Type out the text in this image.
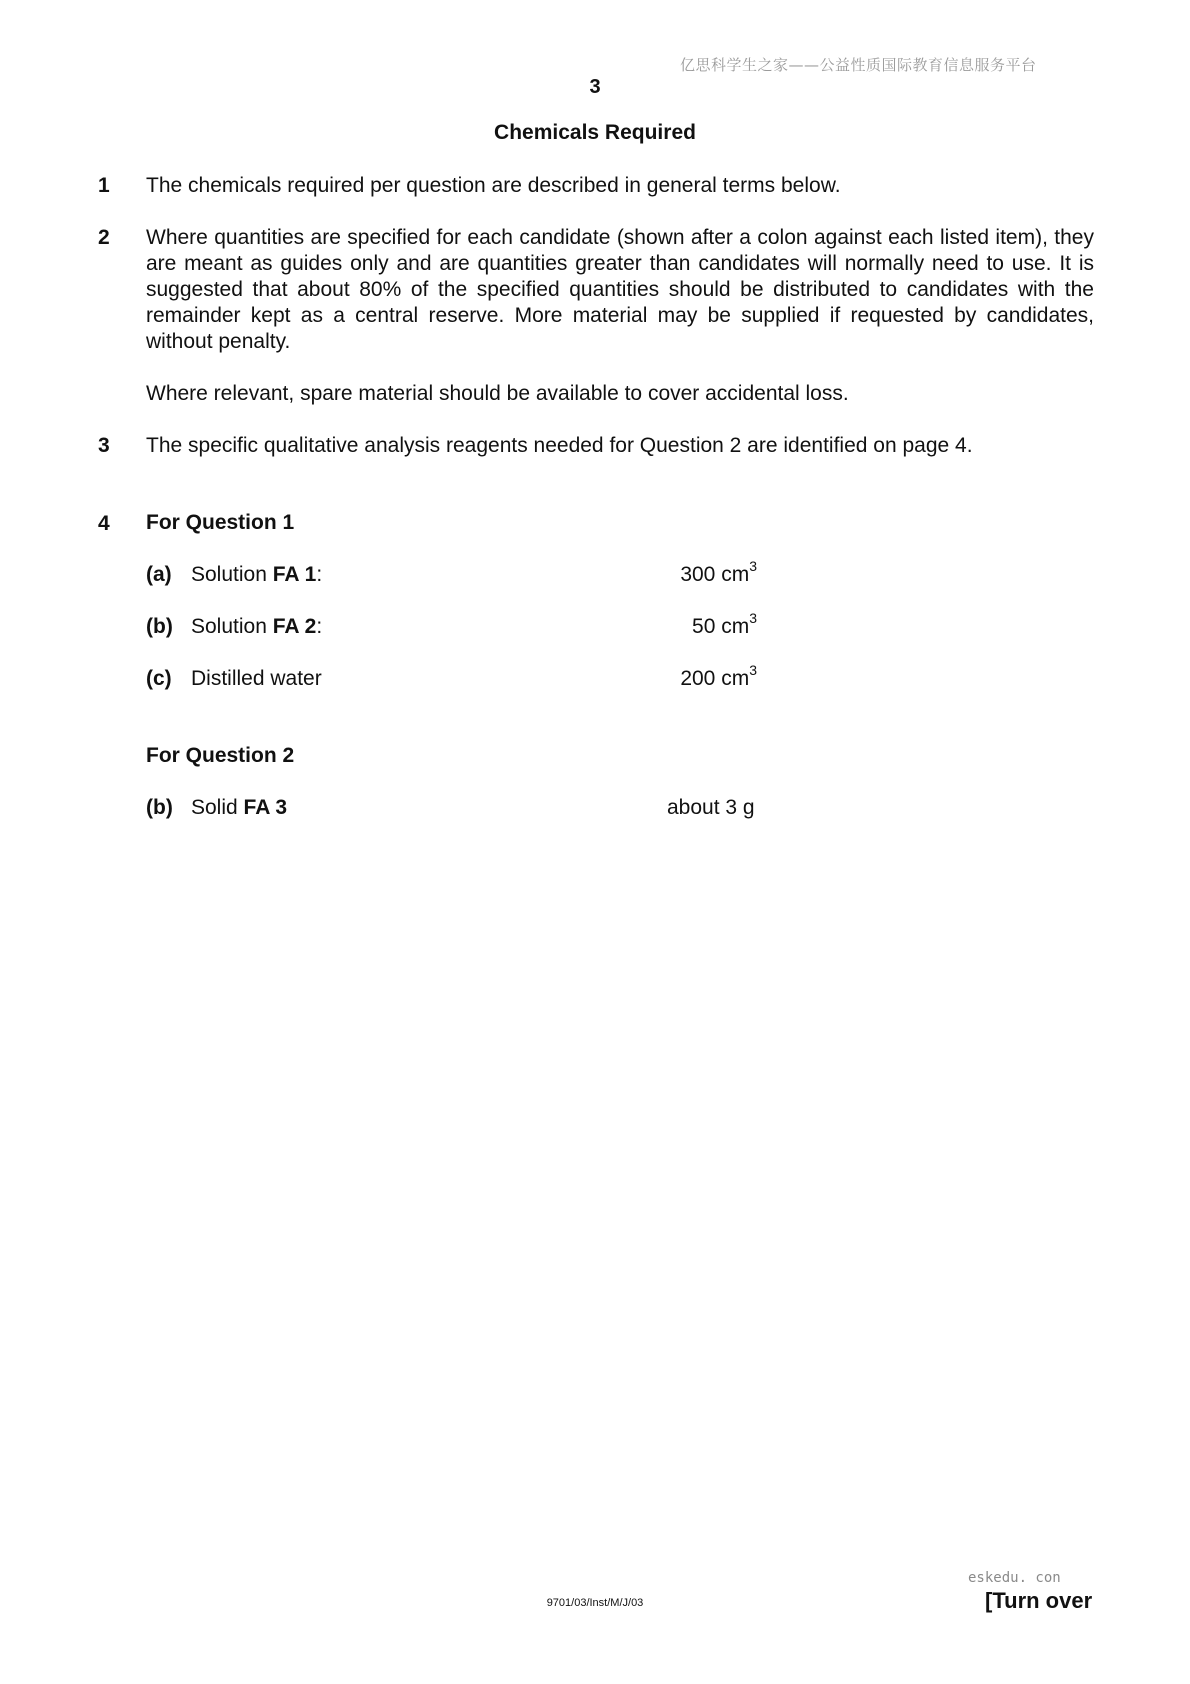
亿思科学生之家——公益性质国际教育信息服务平台
3
Chemicals Required
1 The chemicals required per question are described in general terms below.
2 Where quantities are specified for each candidate (shown after a colon against each listed item), they are meant as guides only and are quantities greater than candidates will normally need to use. It is suggested that about 80% of the specified quantities should be distributed to candidates with the remainder kept as a central reserve. More material may be supplied if requested by candidates, without penalty.
Where relevant, spare material should be available to cover accidental loss.
3 The specific qualitative analysis reagents needed for Question 2 are identified on page 4.
4 For Question 1
(a) Solution FA 1:	300 $cm^3$
(b) Solution FA 2:	50 $cm^3$
(c) Distilled water	200 $cm^3$
For Question 2
(b) Solid FA 3	about 3 g
eskedu. con
9701/03/Inst/M/J/03	[Turn over
